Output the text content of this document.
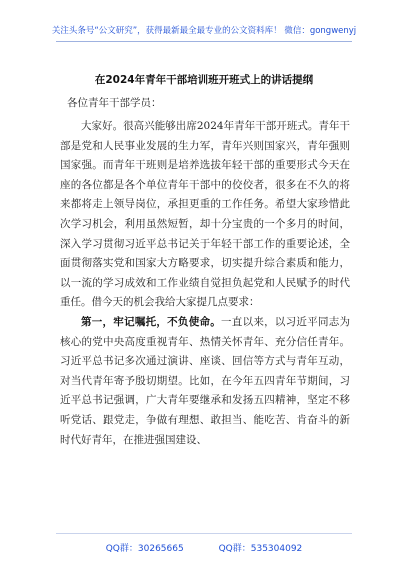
关注头条号“公文研究”，获得最新最全最专业的公文资料库！ 微信：gongwenyj
在2024年青年干部培训班开班式上的讲话提纲
各位青年干部学员：

大家好。很高兴能够出席2024年青年干部开班式。青年干部是党和人民事业发展的生力军，青年兴则国家兴，青年强则国家强。而青年干班则是培养选拔年轻干部的重要形式今天在座的各位都是各个单位青年干部中的佼佼者，很多在不久的将来都将走上领导岗位，承担更重的工作任务。希望大家珍惜此次学习机会，利用虽然短暂，却十分宝贵的一个多月的时间，深入学习贯彻习近平总书记关于年轻干部工作的重要论述，全面贯彻落实党和国家大方略要求，切实提升综合素质和能力，以一流的学习成效和工作业绩自觉担负起党和人民赋予的时代重任。借今天的机会我给大家提几点要求：

第一，牢记嘱托，不负使命。一直以来，以习近平同志为核心的党中央高度重视青年、热情关怀青年、充分信任青年。习近平总书记多次通过演讲、座谈、回信等方式与青年互动，对当代青年寄予殷切期望。比如，在今年五四青年节期间，习近平总书记强调，广大青年要继承和发扬五四精神，坚定不移听党话、跟党走，争做有理想、敢担当、能吃苦、肯奋斗的新时代好青年，在推进强国建设、

QQ群：30265665	QQ群：535304092
